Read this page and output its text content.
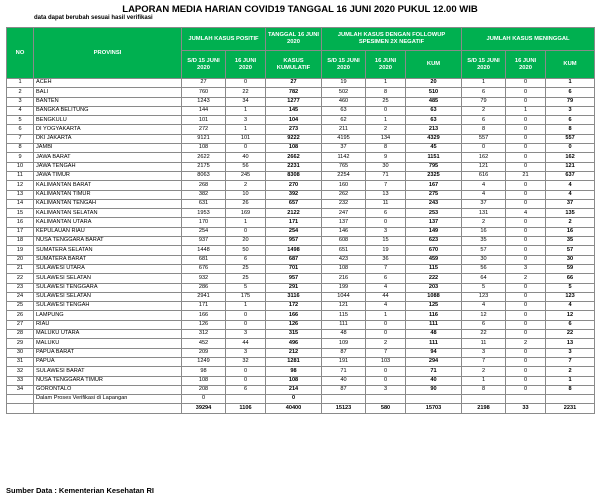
LAPORAN MEDIA HARIAN COVID19 TANGGAL 16 JUNI 2020 PUKUL 12.00 WIB
data dapat berubah sesuai hasil verifikasi
NO	PROVINSI	JUMLAH KASUS POSITIF		TANGGAL 16 JUNI 2020	JUMLAH KASUS DENGAN FOLLOWUP SPESIMEN 2X NEGATIF			JUMLAH KASUS MENINGGAL		
		S/D 15 JUNI 2020	16 JUNI 2020	KASUS KUMULATIF	S/D 15 JUNI 2020	16 JUNI 2020	KUM	S/D 15 JUNI 2020	16 JUNI 2020	KUM
1	ACEH	27	0	27	19	1	20	1	0	1
2	BALI	760	22	782	502	8	510	6	0	6
3	BANTEN	1243	34	1277	460	25	485	79	0	79
4	BANGKA BELITUNG	144	1	145	63	0	63	2	1	3
5	BENGKULU	101	3	104	62	1	63	6	0	6
6	DI YOGYAKARTA	272	1	273	211	2	213	8	0	8
7	DKI JAKARTA	9121	101	9222	4195	134	4329	557	0	557
8	JAMBI	108	0	108	37	8	45	0	0	0
9	JAWA BARAT	2622	40	2662	1142	9	1151	162	0	162
10	JAWA TENGAH	2175	56	2231	765	30	795	121	0	121
11	JAWA TIMUR	8063	245	8308	2254	71	2325	616	21	637
12	KALIMANTAN BARAT	268	2	270	160	7	167	4	0	4
13	KALIMANTAN TIMUR	382	10	392	262	13	275	4	0	4
14	KALIMANTAN TENGAH	631	26	657	232	11	243	37	0	37
15	KALIMANTAN SELATAN	1953	169	2122	247	6	253	131	4	135
16	KALIMANTAN UTARA	170	1	171	137	0	137	2	0	2
17	KEPULAUAN RIAU	254	0	254	146	3	149	16	0	16
18	NUSA TENGGARA BARAT	937	20	957	608	15	623	35	0	35
19	SUMATERA SELATAN	1448	50	1498	651	19	670	57	0	57
20	SUMATERA BARAT	681	6	687	423	36	459	30	0	30
21	SULAWESI UTARA	676	25	701	108	7	115	56	3	59
22	SULAWESI SELATAN	932	25	957	216	6	222	64	2	66
23	SULAWESI TENGGARA	286	5	291	199	4	203	5	0	5
24	SULAWESI SELATAN	2941	175	3116	1044	44	1088	123	0	123
25	SULAWESI TENGAH	171	1	172	121	4	125	4	0	4
26	LAMPUNG	166	0	166	115	1	116	12	0	12
27	RIAU	126	0	126	111	0	111	6	0	6
28	MALUKU UTARA	312	3	315	48	0	48	22	0	22
29	MALUKU	452	44	496	109	2	111	11	2	13
30	PAPUA BARAT	209	3	212	87	7	94	3	0	3
31	PAPUA	1249	32	1281	191	103	294	7	0	7
32	SULAWESI BARAT	98	0	98	71	0	71	2	0	2
33	NUSA TENGGARA TIMUR	108	0	108	40	0	40	1	0	1
34	GORONTALO	208	6	214	87	3	90	8	0	8
	Dalam Proses Verifikasi di Lapangan	0		0						
		39294	1106	40400	15123	580	15703	2198	33	2231
Sumber Data : Kementerian Kesehatan RI
